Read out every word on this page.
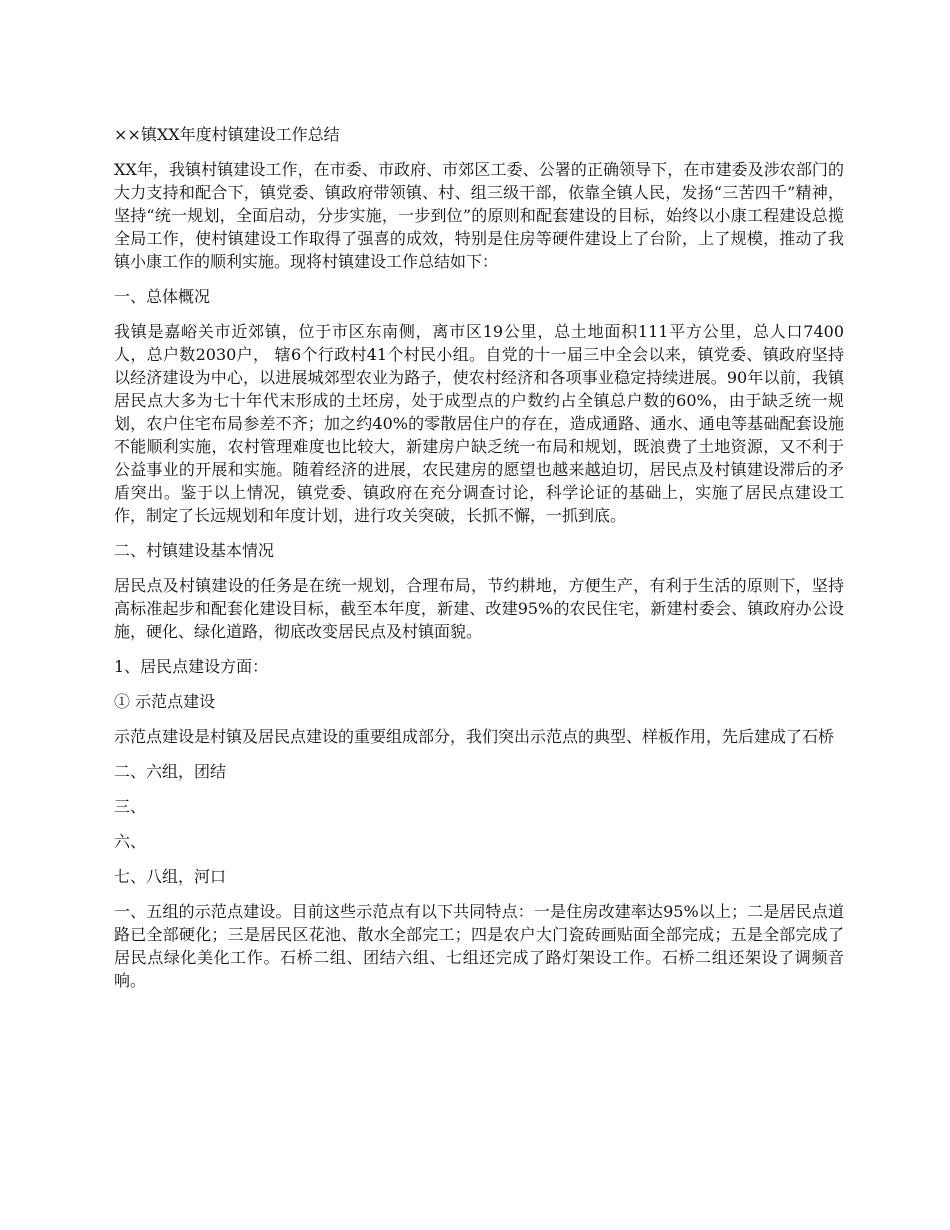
××镇XX年度村镇建设工作总结
XX年，我镇村镇建设工作，在市委、市政府、市郊区工委、公署的正确领导下，在市建委及涉农部门的大力支持和配合下，镇党委、镇政府带领镇、村、组三级干部，依靠全镇人民，发扬“三苦四千”精神，坚持“统一规划，全面启动，分步实施，一步到位”的原则和配套建设的目标，始终以小康工程建设总揽全局工作，使村镇建设工作取得了强喜的成效，特别是住房等硬件建设上了台阶，上了规模，推动了我镇小康工作的顺利实施。现将村镇建设工作总结如下：
一、总体概况
我镇是嘉峪关市近郊镇，位于市区东南侧，离市区19公里，总土地面积111平方公里，总人口7400人，总户数2030户， 辖6个行政村41个村民小组。自党的十一届三中全会以来，镇党委、镇政府坚持以经济建设为中心，以进展城郊型农业为路子，使农村经济和各项事业稳定持续进展。90年以前，我镇居民点大多为七十年代末形成的土坯房，处于成型点的户数约占全镇总户数的60%，由于缺乏统一规划，农户住宅布局参差不齐；加之约40%的零散居住户的存在，造成通路、通水、通电等基础配套设施不能顺利实施，农村管理难度也比较大，新建房户缺乏统一布局和规划，既浪费了土地资源，又不利于公益事业的开展和实施。随着经济的进展，农民建房的愿望也越来越迫切，居民点及村镇建设滞后的矛盾突出。鉴于以上情况，镇党委、镇政府在充分调查讨论，科学论证的基础上，实施了居民点建设工作，制定了长远规划和年度计划，进行攻关突破，长抓不懈，一抓到底。
二、村镇建设基本情况
居民点及村镇建设的任务是在统一规划，合理布局，节约耕地，方便生产，有利于生活的原则下，坚持高标准起步和配套化建设目标，截至本年度，新建、改建95%的农民住宅，新建村委会、镇政府办公设施，硬化、绿化道路，彻底改变居民点及村镇面貌。
1、居民点建设方面：
① 示范点建设
示范点建设是村镇及居民点建设的重要组成部分，我们突出示范点的典型、样板作用，先后建成了石桥
二、六组，团结
三、
六、
七、八组，河口
一、五组的示范点建设。目前这些示范点有以下共同特点：一是住房改建率达95%以上；二是居民点道路已全部硬化；三是居民区花池、散水全部完工；四是农户大门瓷砖画贴面全部完成；五是全部完成了居民点绿化美化工作。石桥二组、团结六组、七组还完成了路灯架设工作。石桥二组还架设了调频音响。
